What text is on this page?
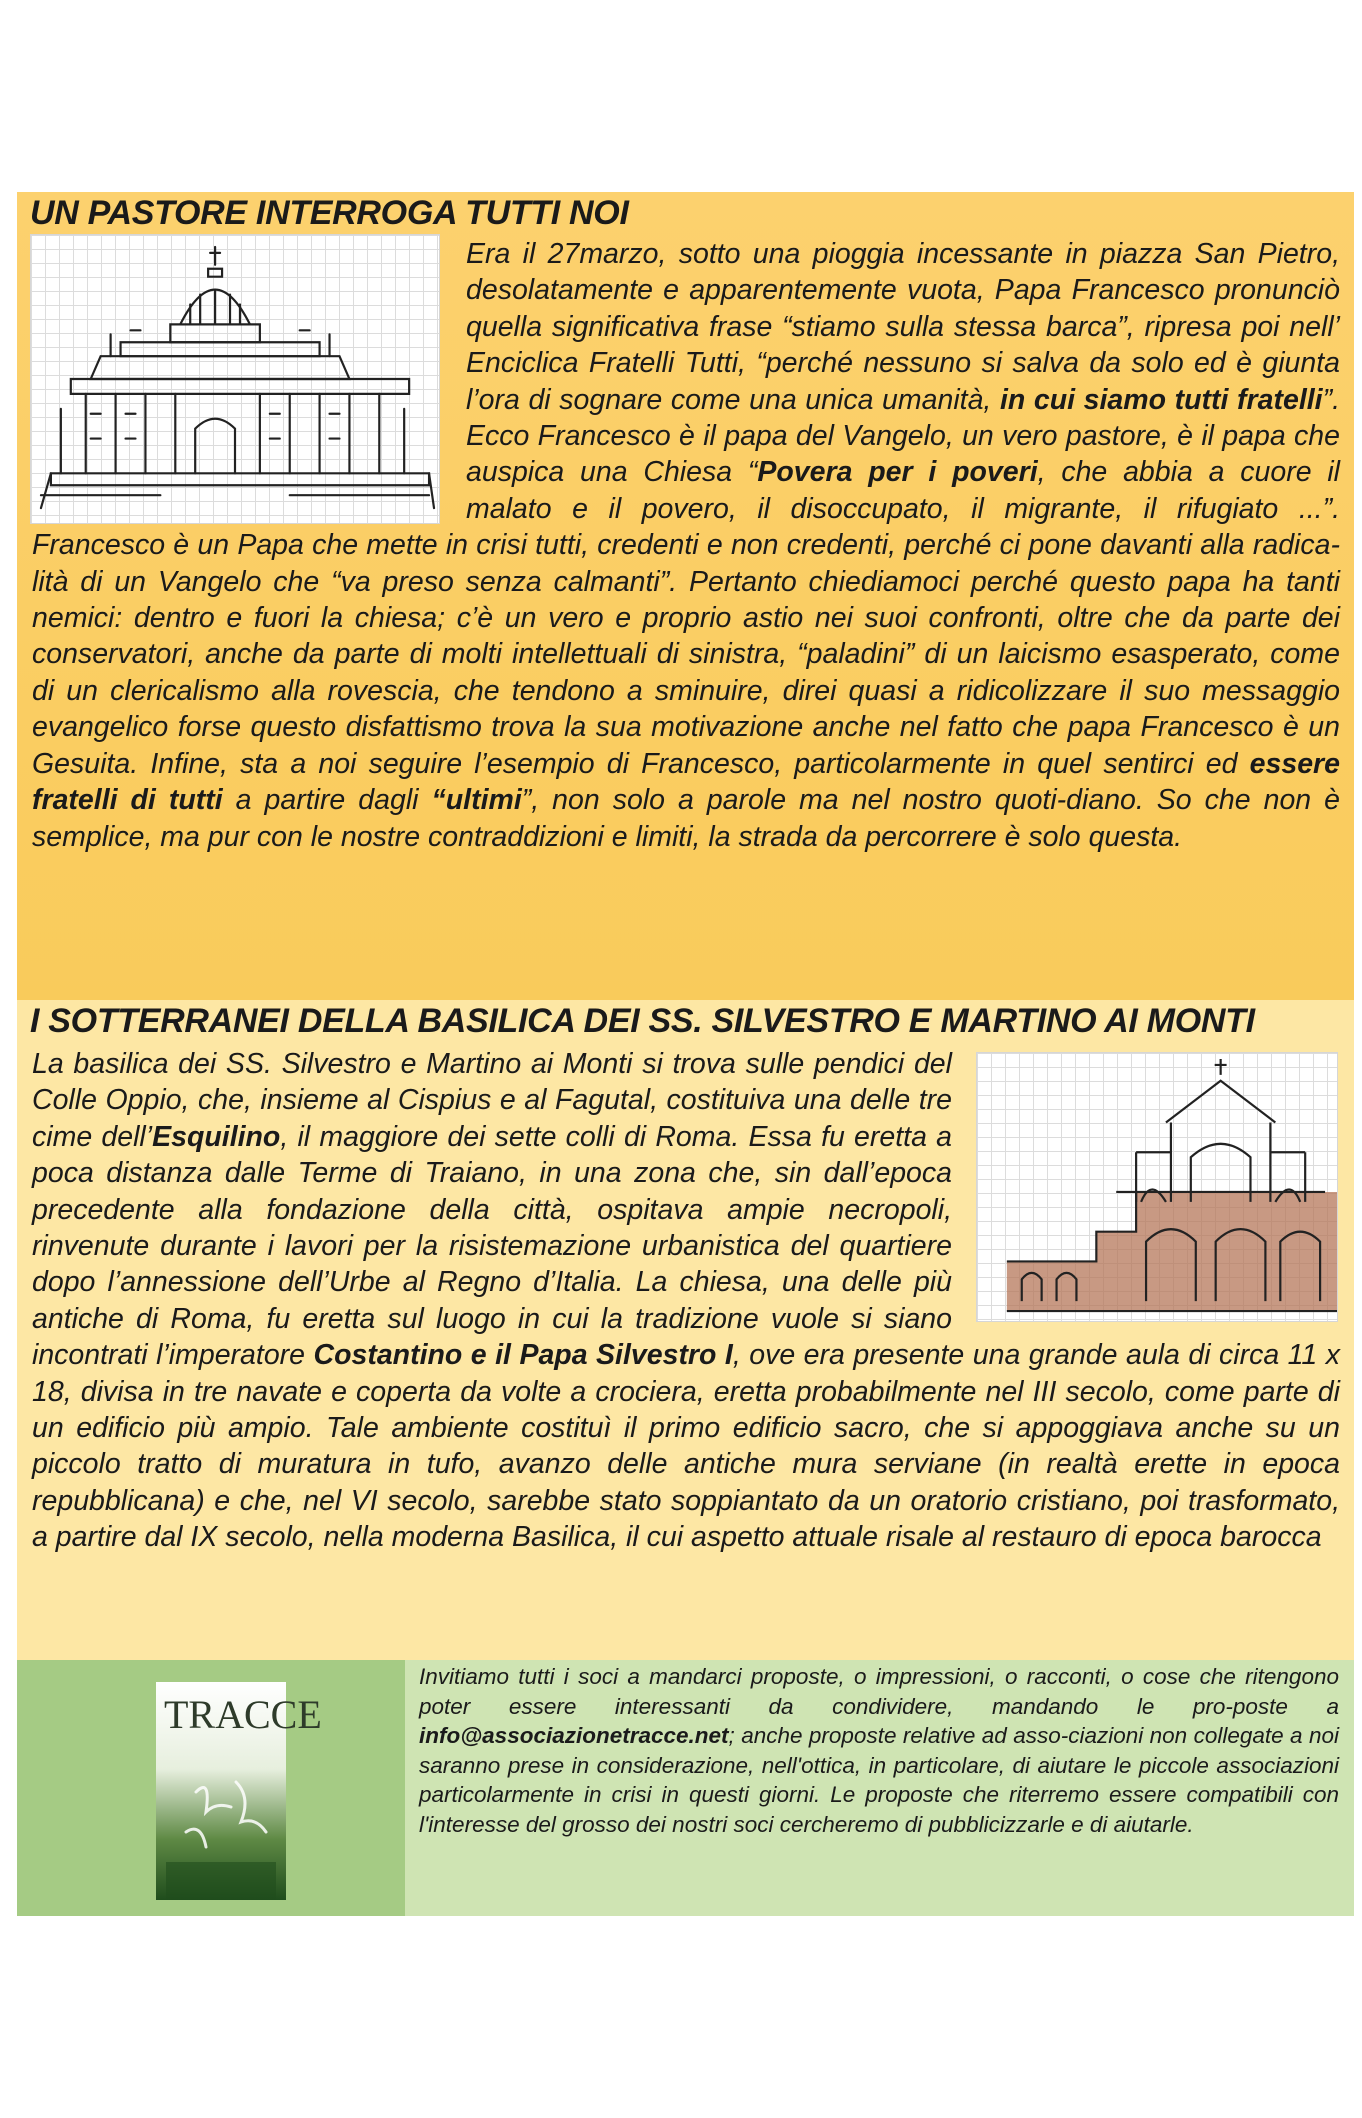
UN PASTORE INTERROGA TUTTI NOI

Era il 27marzo, sotto una pioggia incessante in piazza San Pietro, desolatamente e apparentemente vuota, Papa Francesco pronunciò quella significativa frase “stiamo sulla stessa barca”, ripresa poi nell’ Enciclica Fratelli Tutti, “perché nessuno si salva da solo ed è giunta l’ora di sognare come una unica umanità, in cui siamo tutti fratelli”. Ecco Francesco è il papa del Vangelo, un vero pastore, è il papa che auspica una Chiesa “Povera per i poveri, che abbia a cuore il malato e il povero, il disoccupato, il migrante, il rifugiato ...”. Francesco è un Papa che mette in crisi tutti, credenti e non credenti, perché ci pone davanti alla radica-lità di un Vangelo che “va preso senza calmanti”. Pertanto chiediamoci perché questo papa ha tanti nemici: dentro e fuori la chiesa; c’è un vero e proprio astio nei suoi confronti, oltre che da parte dei conservatori, anche da parte di molti intellettuali di sinistra, “paladini” di un laicismo esasperato, come di un clericalismo alla rovescia, che tendono a sminuire, direi quasi a ridicolizzare il suo messaggio evangelico forse questo disfattismo trova la sua motivazione anche nel fatto che papa Francesco è un Gesuita. Infine, sta a noi seguire l’esempio di Francesco, particolarmente in quel sentirci ed essere fratelli di tutti a partire dagli “ultimi”, non solo a parole ma nel nostro quoti-diano. So che non è semplice, ma pur con le nostre contraddizioni e limiti, la strada da percorrere è solo questa.

I SOTTERRANEI DELLA BASILICA DEI SS. SILVESTRO E MARTINO AI MONTI

La basilica dei SS. Silvestro e Martino ai Monti si trova sulle pendici del Colle Oppio, che, insieme al Cispius e al Fagutal, costituiva una delle tre cime dell’Esquilino, il maggiore dei sette colli di Roma. Essa fu eretta a poca distanza dalle Terme di Traiano, in una zona che, sin dall’epoca precedente alla fondazione della città, ospitava ampie necropoli, rinvenute durante i lavori per la risistemazione urbanistica del quartiere dopo l’annessione dell’Urbe al Regno d’Italia. La chiesa, una delle più antiche di Roma, fu eretta sul luogo in cui la tradizione vuole si siano incontrati l’imperatore Costantino e il Papa Silvestro I, ove era presente una grande aula di circa 11 x 18, divisa in tre navate e coperta da volte a crociera, eretta probabilmente nel III secolo, come parte di un edificio più ampio. Tale ambiente costituì il primo edificio sacro, che si appoggiava anche su un piccolo tratto di muratura in tufo, avanzo delle antiche mura serviane (in realtà erette in epoca repubblicana) e che, nel VI secolo, sarebbe stato soppiantato da un oratorio cristiano, poi trasformato, a partire dal IX secolo, nella moderna Basilica, il cui aspetto attuale risale al restauro di epoca barocca

TRACCE

Invitiamo tutti i soci a mandarci proposte, o impressioni, o racconti, o cose che ritengono poter essere interessanti da condividere, mandando le pro-poste a info@associazionetracce.net; anche proposte relative ad asso-ciazioni non collegate a noi saranno prese in considerazione, nell'ottica, in particolare, di aiutare le piccole associazioni particolarmente in crisi in questi giorni. Le proposte che riterremo essere compatibili con l'interesse del grosso dei nostri soci cercheremo di pubblicizzarle e di aiutarle.
